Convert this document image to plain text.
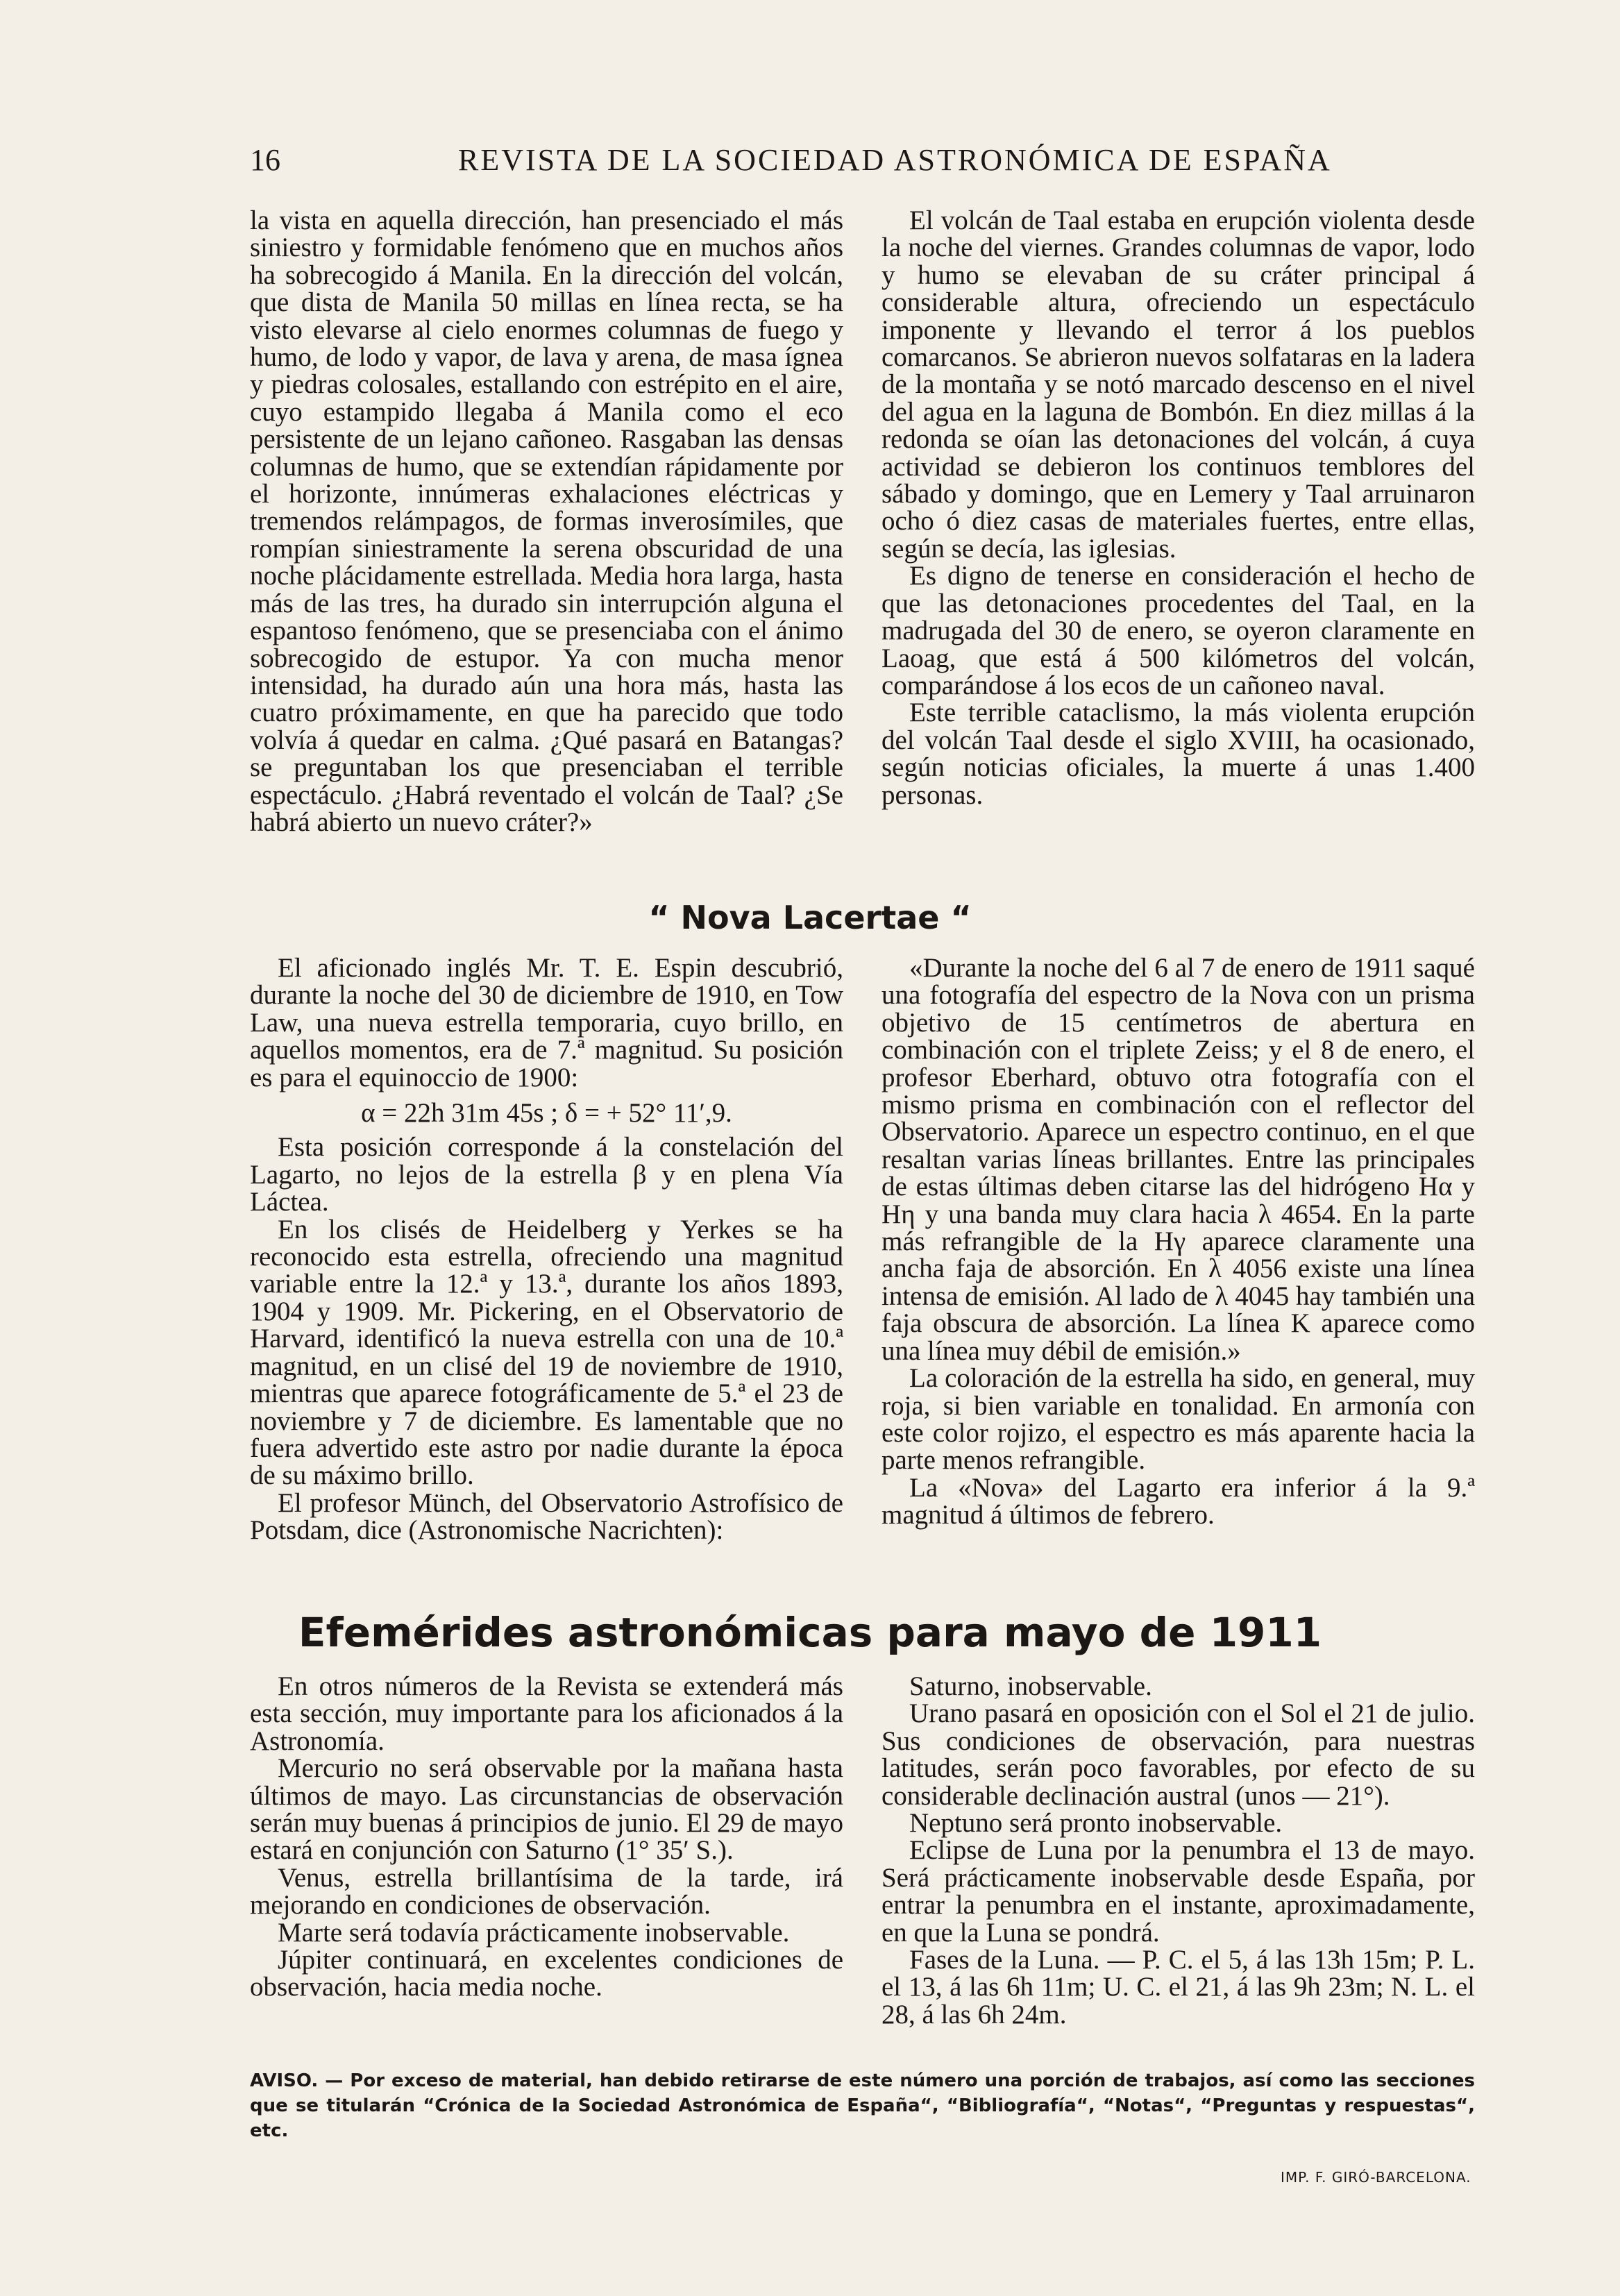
16	REVISTA DE LA SOCIEDAD ASTRONÓMICA DE ESPAÑA

la vista en aquella dirección, han presenciado el más siniestro y formidable fenómeno que en muchos años ha sobrecogido á Manila. En la dirección del volcán, que dista de Manila 50 millas en línea recta, se ha visto elevarse al cielo enormes columnas de fuego y humo, de lodo y vapor, de lava y arena, de masa ígnea y piedras colosales, estallando con estrépito en el aire, cuyo estampido llegaba á Manila como el eco persistente de un lejano cañoneo. Rasgaban las densas columnas de humo, que se extendían rápidamente por el horizonte, innúmeras exhalaciones eléctricas y tremendos relámpagos, de formas inverosímiles, que rompían siniestramente la serena obscuridad de una noche plácidamente estrellada. Media hora larga, hasta más de las tres, ha durado sin interrupción alguna el espantoso fenómeno, que se presenciaba con el ánimo sobrecogido de estupor. Ya con mucha menor intensidad, ha durado aún una hora más, hasta las cuatro próximamente, en que ha parecido que todo volvía á quedar en calma. ¿Qué pasará en Batangas? se preguntaban los que presenciaban el terrible espectáculo. ¿Habrá reventado el volcán de Taal? ¿Se habrá abierto un nuevo cráter?»

El volcán de Taal estaba en erupción violenta desde la noche del viernes. Grandes columnas de vapor, lodo y humo se elevaban de su cráter principal á considerable altura, ofreciendo un espectáculo imponente y llevando el terror á los pueblos comarcanos. Se abrieron nuevos solfataras en la ladera de la montaña y se notó marcado descenso en el nivel del agua en la laguna de Bombón. En diez millas á la redonda se oían las detonaciones del volcán, á cuya actividad se debieron los continuos temblores del sábado y domingo, que en Lemery y Taal arruinaron ocho ó diez casas de materiales fuertes, entre ellas, según se decía, las iglesias.

Es digno de tenerse en consideración el hecho de que las detonaciones procedentes del Taal, en la madrugada del 30 de enero, se oyeron claramente en Laoag, que está á 500 kilómetros del volcán, comparándose á los ecos de un cañoneo naval.

Este terrible cataclismo, la más violenta erupción del volcán Taal desde el siglo XVIII, ha ocasionado, según noticias oficiales, la muerte á unas 1.400 personas.

“ Nova Lacertae “

El aficionado inglés Mr. T. E. Espin descubrió, durante la noche del 30 de diciembre de 1910, en Tow Law, una nueva estrella temporaria, cuyo brillo, en aquellos momentos, era de 7.ª magnitud. Su posición es para el equinoccio de 1900:

α = 22h 31m 45s ; δ = + 52° 11′,9.

Esta posición corresponde á la constelación del Lagarto, no lejos de la estrella β y en plena Vía Láctea.

En los clisés de Heidelberg y Yerkes se ha reconocido esta estrella, ofreciendo una magnitud variable entre la 12.ª y 13.ª, durante los años 1893, 1904 y 1909. Mr. Pickering, en el Observatorio de Harvard, identificó la nueva estrella con una de 10.ª magnitud, en un clisé del 19 de noviembre de 1910, mientras que aparece fotográficamente de 5.ª el 23 de noviembre y 7 de diciembre. Es lamentable que no fuera advertido este astro por nadie durante la época de su máximo brillo.

El profesor Münch, del Observatorio Astrofísico de Potsdam, dice (Astronomische Nacrichten):

«Durante la noche del 6 al 7 de enero de 1911 saqué una fotografía del espectro de la Nova con un prisma objetivo de 15 centímetros de abertura en combinación con el triplete Zeiss; y el 8 de enero, el profesor Eberhard, obtuvo otra fotografía con el mismo prisma en combinación con el reflector del Observatorio. Aparece un espectro continuo, en el que resaltan varias líneas brillantes. Entre las principales de estas últimas deben citarse las del hidrógeno Hα y Hη y una banda muy clara hacia λ 4654. En la parte más refrangible de la Hγ aparece claramente una ancha faja de absorción. En λ 4056 existe una línea intensa de emisión. Al lado de λ 4045 hay también una faja obscura de absorción. La línea K aparece como una línea muy débil de emisión.»

La coloración de la estrella ha sido, en general, muy roja, si bien variable en tonalidad. En armonía con este color rojizo, el espectro es más aparente hacia la parte menos refrangible.

La «Nova» del Lagarto era inferior á la 9.ª magnitud á últimos de febrero.

Efemérides astronómicas para mayo de 1911

En otros números de la Revista se extenderá más esta sección, muy importante para los aficionados á la Astronomía.

Mercurio no será observable por la mañana hasta últimos de mayo. Las circunstancias de observación serán muy buenas á principios de junio. El 29 de mayo estará en conjunción con Saturno (1° 35′ S.).

Venus, estrella brillantísima de la tarde, irá mejorando en condiciones de observación.

Marte será todavía prácticamente inobservable.

Júpiter continuará, en excelentes condiciones de observación, hacia media noche.

Saturno, inobservable.

Urano pasará en oposición con el Sol el 21 de julio. Sus condiciones de observación, para nuestras latitudes, serán poco favorables, por efecto de su considerable declinación austral (unos — 21°).

Neptuno será pronto inobservable.

Eclipse de Luna por la penumbra el 13 de mayo. Será prácticamente inobservable desde España, por entrar la penumbra en el instante, aproximadamente, en que la Luna se pondrá.

Fases de la Luna. — P. C. el 5, á las 13h 15m; P. L. el 13, á las 6h 11m; U. C. el 21, á las 9h 23m; N. L. el 28, á las 6h 24m.

AVISO. — Por exceso de material, han debido retirarse de este número una porción de trabajos, así como las secciones que se titularán “Crónica de la Sociedad Astronómica de España“, “Bibliografía“, “Notas“, “Preguntas y respuestas“, etc.
IMP. F. GIRÓ-BARCELONA.
